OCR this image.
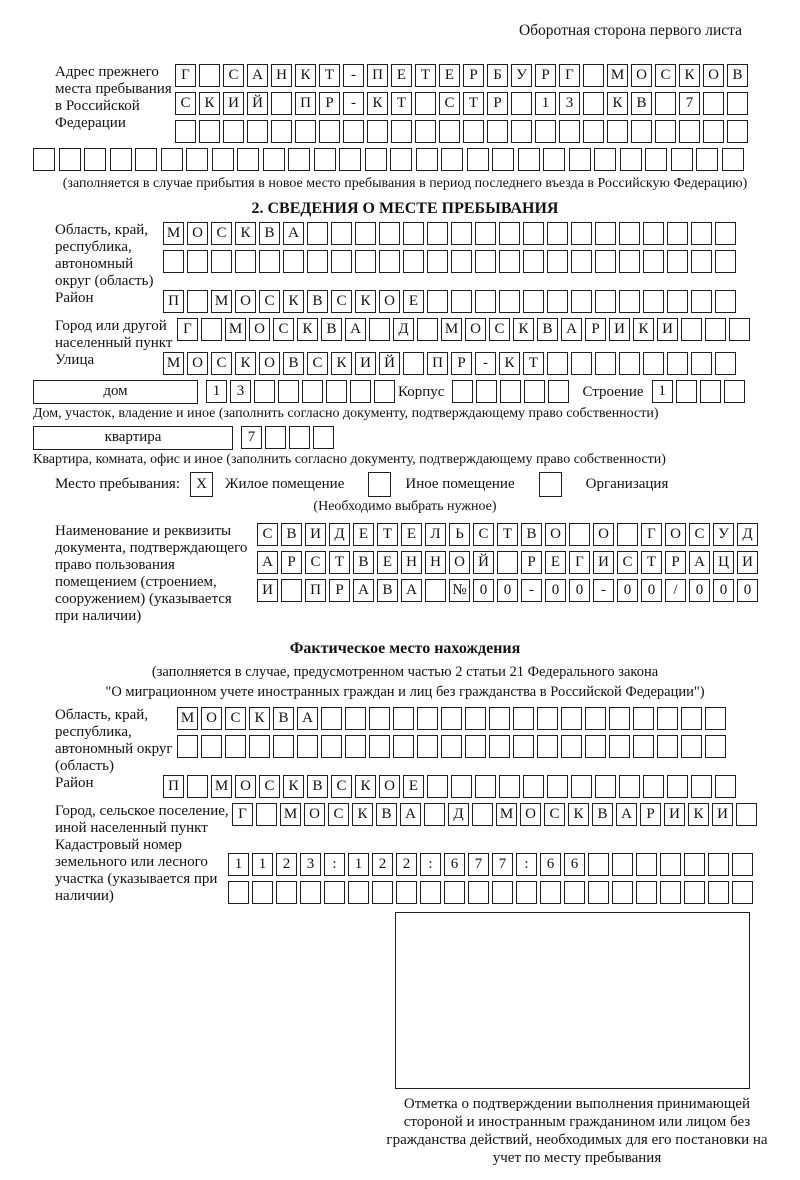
Оборотная сторона первого листа
Адрес прежнего места пребывания в Российской Федерации
Г	С А Н К Т - П Е Т Е Р Б У Р Г М О С К О В
С К И Й П Р - К Т	С Т Р	1 3	К В	7
(заполняется в случае прибытия в новое место пребывания в период последнего въезда в Российскую Федерацию)
2. СВЕДЕНИЯ О МЕСТЕ ПРЕБЫВАНИЯ
Область, край, республика, автономный округ (область)
М О С К В А
Район	П М О С К В С К О Е
Город или другой населенный пункт
Г М О С К В А Д М О С К В А Р И К И
Улица	М О С К О В С К И Й П Р - К Т
дом	1 3	Корпус	Строение 1
Дом, участок, владение и иное (заполнить согласно документу, подтверждающему право собственности)
квартира	7
Квартира, комната, офис и иное (заполнить согласно документу, подтверждающему право собственности)
Место пребывания: X Жилое помещение	Иное помещение	Организация
(Необходимо выбрать нужное)
Наименование и реквизиты документа, подтверждающего право пользования помещением (строением, сооружением) (указывается при наличии)
С В И Д Е Т Е Л Ь С Т В О О	Г О С У Д
А Р С Т В Е Н Н О Й	Р Е Г И С Т Р А Ц И
И П Р А В А № 0 0 - 0 0 - 0 0 / 0 0 0
Фактическое место нахождения
(заполняется в случае, предусмотренном частью 2 статьи 21 Федерального закона
"О миграционном учете иностранных граждан и лиц без гражданства в Российской Федерации")
Область, край, республика, автономный округ (область)
М О С К В А
Район	П М О С К В С К О Е
Город, сельское поселение, иной населенный пункт
Г М О С К В А Д М О С К В А Р И К И
Кадастровый номер земельного или лесного участка (указывается при наличии)
1 1 2 3 : 1 2 2 : 6 7 7 : 6 6
Отметка о подтверждении выполнения принимающей стороной и иностранным гражданином или лицом без гражданства действий, необходимых для его постановки на учет по месту пребывания
